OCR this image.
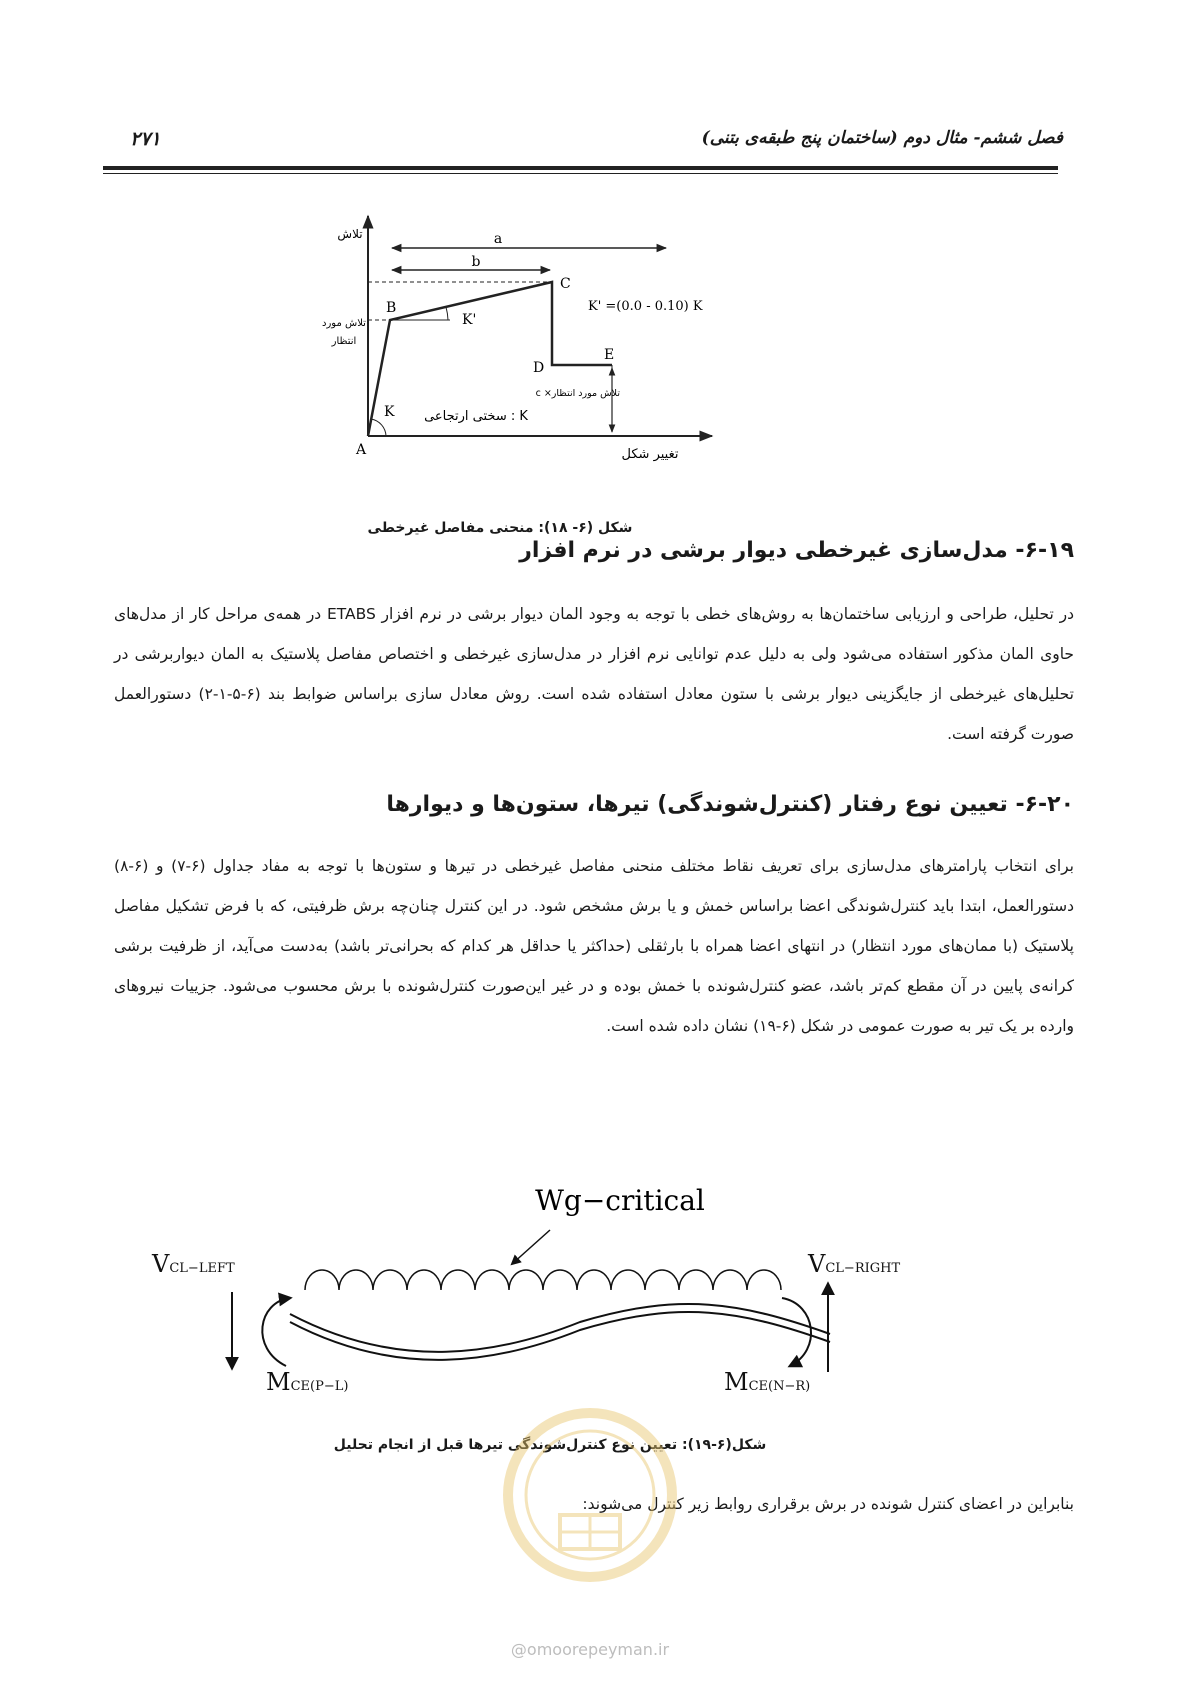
۲۷۱	فصل ششم- مثال دوم (ساختمان پنج طبقه‌ی بتنی)
تلاش
تغییر شکل
تلاش مورد
انتظار
a
b
A
B
C
D
E
K
K'
K' =(0.0 - 0.10) K
تلاش مورد انتظار× c
K : سختی ارتجاعی
شکل (۶- ۱۸): منحنی مفاصل غیرخطی
۶-۱۹- مدل‌سازی غیرخطی دیوار برشی در نرم افزار
در تحلیل، طراحی و ارزیابی ساختمان‌ها به روش‌های خطی با توجه به وجود المان دیوار برشی در نرم افزار ETABS در همه‌ی مراحل کار از مدل‌های حاوی المان مذکور استفاده می‌شود ولی به دلیل عدم توانایی نرم افزار در مدل‌سازی غیرخطی و اختصاص مفاصل پلاستیک به المان دیواربرشی در تحلیل‌های غیرخطی از جایگزینی دیوار برشی با ستون معادل استفاده شده است. روش معادل سازی براساس ضوابط بند (۶-۵-۱-۲) دستورالعمل صورت گرفته است.
۶-۲۰- تعیین نوع رفتار (کنترل‌شوندگی) تیرها، ستون‌ها و دیوارها
برای انتخاب پارامترهای مدل‌سازی برای تعریف نقاط مختلف منحنی مفاصل غیرخطی در تیرها و ستون‌ها با توجه به مفاد جداول (۶-۷) و (۶-۸) دستورالعمل، ابتدا باید کنترل‌شوندگی اعضا براساس خمش و یا برش مشخص شود. در این کنترل چنان‌چه برش ظرفیتی، که با فرض تشکیل مفاصل پلاستیک (با ممان‌های مورد انتظار) در انتهای اعضا همراه با بارثقلی (حداکثر یا حداقل هر کدام که بحرانی‌تر باشد) به‌دست می‌آید، از ظرفیت برشی کرانه‌ی پایین در آن مقطع کم‌تر باشد، عضو کنترل‌شونده با خمش بوده و در غیر این‌صورت کنترل‌شونده با برش محسوب می‌شود. جزییات نیروهای وارده بر یک تیر به صورت عمومی در شکل (۶-۱۹) نشان داده شده است.
Wg−critical
VCL−LEFT	VCL−RIGHT
MCE(P−L)	MCE(N−R)
شکل(۶-۱۹): تعیین نوع کنترل‌شوندگی تیرها قبل از انجام تحلیل
بنابراین در اعضای کنترل شونده در برش برقراری روابط زیر کنترل می‌شوند:
@omoorepeyman.ir
